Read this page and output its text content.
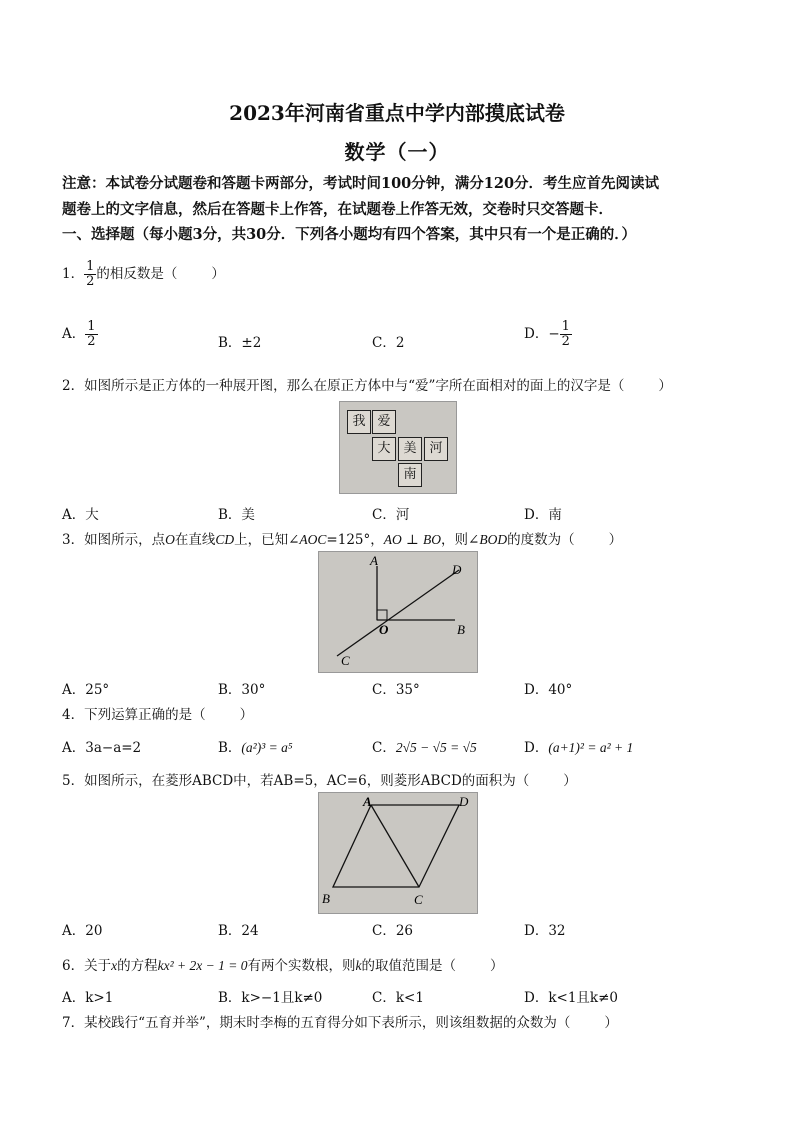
2023年河南省重点中学内部摸底试卷
数学（一）
注意：本试卷分试题卷和答题卡两部分，考试时间100分钟，满分120分．考生应首先阅读试
题卷上的文字信息，然后在答题卡上作答，在试题卷上作答无效，交卷时只交答题卡．
一、选择题（每小题3分，共30分．下列各小题均有四个答案，其中只有一个是正确的．）
1． $\frac{1}{2}$ 的相反数是（	）
A． $\frac{1}{2}$	B．±2	C．2
D．− $\frac{1}{2}$
2．如图所示是正方体的一种展开图，那么在原正方体中与“爱”字所在面相对的面上的汉字是（	）
我 爱
大 美 河
南
A．大	B．美	C．河	D．南
3．如图所示，点O在直线CD上，已知∠AOC=125°，AO ⊥ BO，则∠BOD的度数为（	）
A
D
O	B
C
A．25°	B．30°	C．35°	D．40°
4．下列运算正确的是（	）
A．3a−a=2	B．(a²)³ = a⁵	C．2√5 − √5 = √5	D．(a+1)² = a² + 1
5．如图所示，在菱形ABCD中，若AB=5，AC=6，则菱形ABCD的面积为（	）
A	D
B	C
A．20	B．24	C．26	D．32
6．关于x的方程kx² + 2x − 1 = 0有两个实数根，则k的取值范围是（	）
A．k>1	B．k>−1且k≠0	C．k<1	D．k<1且k≠0
7．某校践行“五育并举”，期末时李梅的五育得分如下表所示，则该组数据的众数为（	）
